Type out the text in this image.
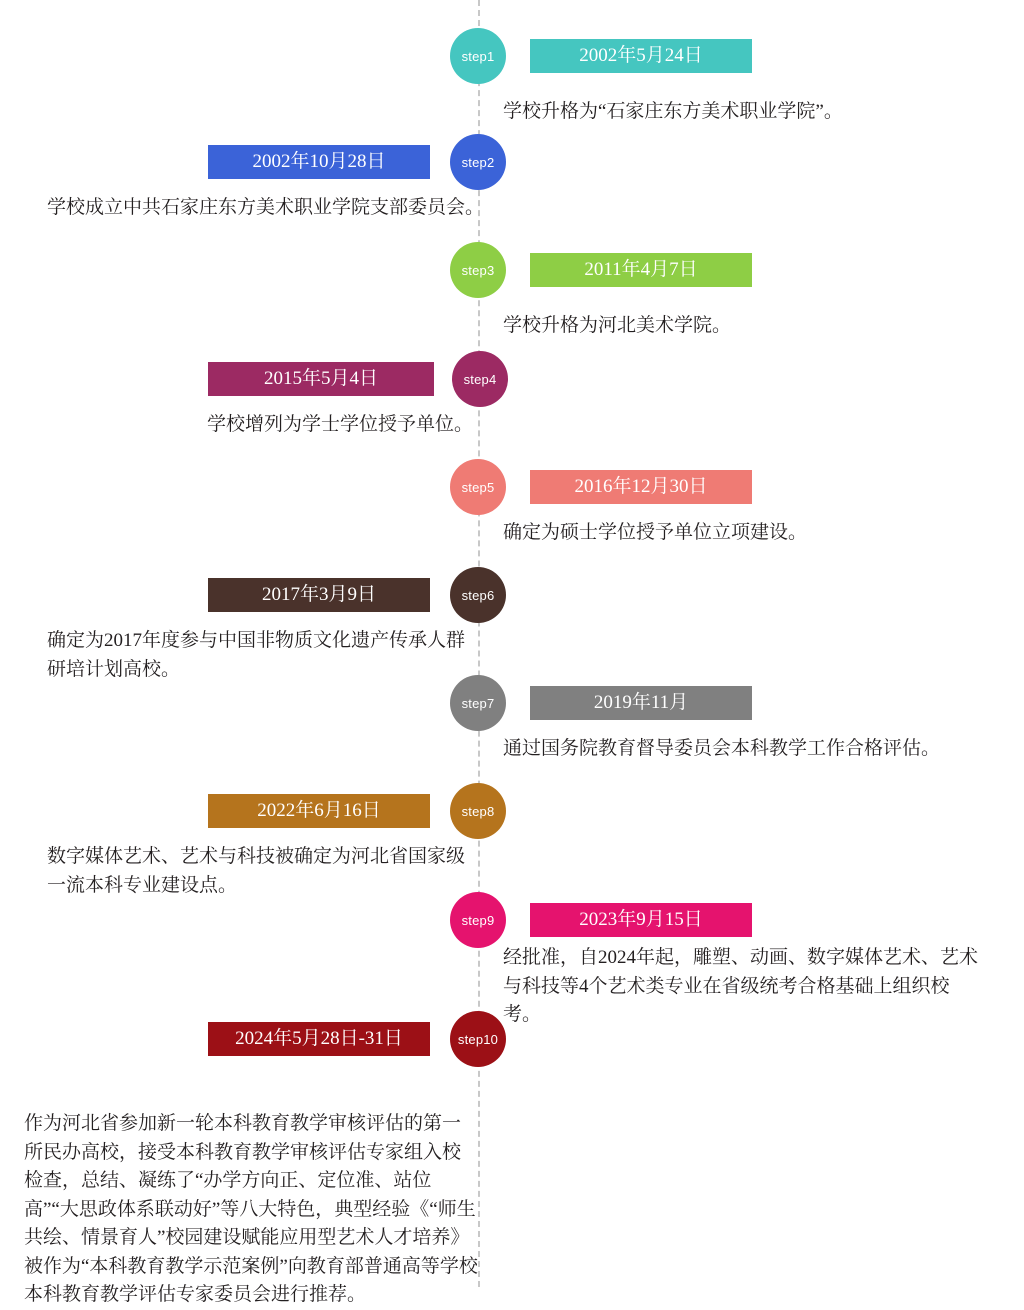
step1	2002年5月24日
学校升格为“石家庄东方美术职业学院”。
step2
2002年10月28日
学校成立中共石家庄东方美术职业学院支部委员会。
step3	2011年4月7日
学校升格为河北美术学院。
step4
2015年5月4日
学校增列为学士学位授予单位。
step5	2016年12月30日
确定为硕士学位授予单位立项建设。
step6
2017年3月9日
确定为2017年度参与中国非物质文化遗产传承人群研培计划高校。
step7	2019年11月
通过国务院教育督导委员会本科教学工作合格评估。
step8
2022年6月16日
数字媒体艺术、艺术与科技被确定为河北省国家级一流本科专业建设点。
step9	2023年9月15日
经批准，自2024年起，雕塑、动画、数字媒体艺术、艺术与科技等4个艺术类专业在省级统考合格基础上组织校考。
step10
2024年5月28日-31日
作为河北省参加新一轮本科教育教学审核评估的第一所民办高校，接受本科教育教学审核评估专家组入校检查，总结、凝练了“办学方向正、定位准、站位高”“大思政体系联动好”等八大特色，典型经验《“师生共绘、情景育人”校园建设赋能应用型艺术人才培养》被作为“本科教育教学示范案例”向教育部普通高等学校本科教育教学评估专家委员会进行推荐。
